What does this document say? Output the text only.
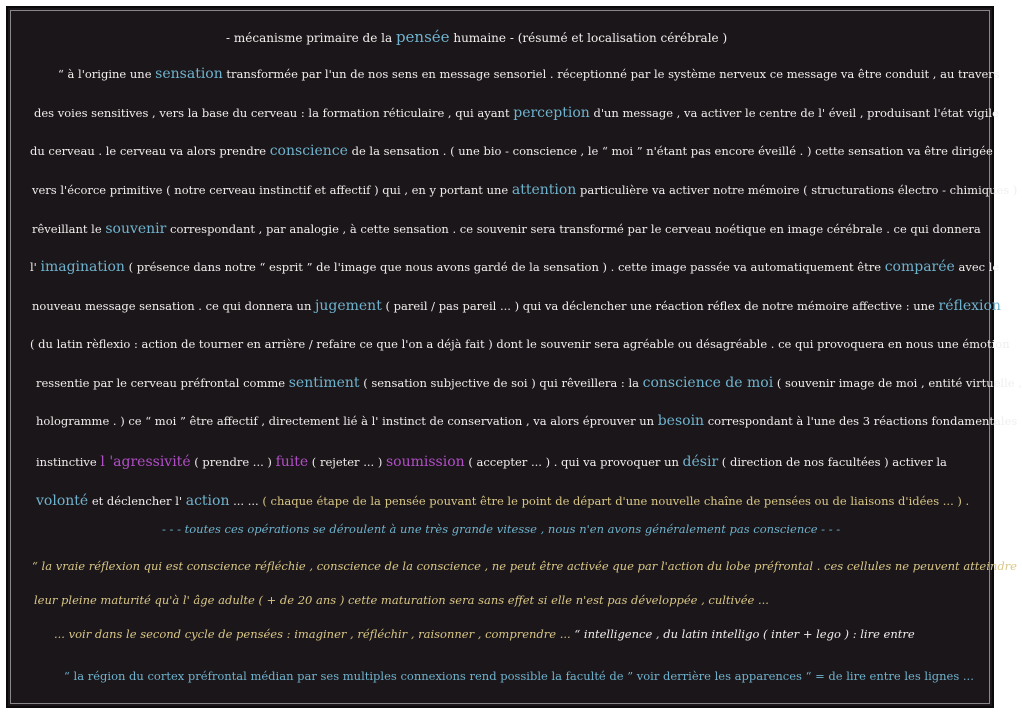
- mécanisme primaire de la pensée humaine - (résumé et localisation cérébrale )
“ à l'origine une sensation transformée par l'un de nos sens en message sensoriel . réceptionné par le système nerveux ce message va être conduit , au travers
des voies sensitives , vers la base du cerveau : la formation réticulaire , qui ayant perception d'un message , va activer le centre de l' éveil , produisant l'état vigile
du cerveau . le cerveau va alors prendre conscience de la sensation . ( une bio - conscience , le “ moi ” n'étant pas encore éveillé . ) cette sensation va être dirigée
vers l'écorce primitive ( notre cerveau instinctif et affectif ) qui , en y portant une attention particulière va activer notre mémoire ( structurations électro - chimiques )
rêveillant le souvenir correspondant , par analogie , à cette sensation . ce souvenir sera transformé par le cerveau noétique en image cérébrale . ce qui donnera
l' imagination ( présence dans notre “ esprit ” de l'image que nous avons gardé de la sensation ) . cette image passée va automatiquement être comparée avec le
nouveau message sensation . ce qui donnera un jugement ( pareil / pas pareil ... ) qui va déclencher une réaction réflex de notre mémoire affective : une réflexion
( du latin rèflexio : action de tourner en arrière / refaire ce que l'on a déjà fait ) dont le souvenir sera agréable ou désagréable . ce qui provoquera en nous une émotion
ressentie par le cerveau préfrontal comme sentiment ( sensation subjective de soi ) qui rêveillera : la conscience de moi ( souvenir image de moi , entité virtuelle ,
hologramme . ) ce “ moi ” être affectif , directement lié à l' instinct de conservation , va alors éprouver un besoin correspondant à l'une des 3 réactions fondamentales
instinctive l 'agressivité ( prendre ... ) fuite ( rejeter ... ) soumission ( accepter ... ) . qui va provoquer un désir ( direction de nos facultées ) activer la
volonté et déclencher l' action ... ... ( chaque étape de la pensée pouvant être le point de départ d'une nouvelle chaîne de pensées ou de liaisons d'idées ... ) .
- - - toutes ces opérations se déroulent à une très grande vitesse , nous n'en avons généralement pas conscience - - -
“ la vraie réflexion qui est conscience réfléchie , conscience de la conscience , ne peut être activée que par l'action du lobe préfrontal . ces cellules ne peuvent atteindre
leur pleine maturité qu'à l' âge adulte ( + de 20 ans ) cette maturation sera sans effet si elle n'est pas développée , cultivée ...
... voir dans le second cycle de pensées : imaginer , réfléchir , raisonner , comprendre ... “ intelligence , du latin intelligo ( inter + lego ) : lire entre
“ la région du cortex préfrontal médian par ses multiples connexions rend possible la faculté de ” voir derrière les apparences “ = de lire entre les lignes ...
